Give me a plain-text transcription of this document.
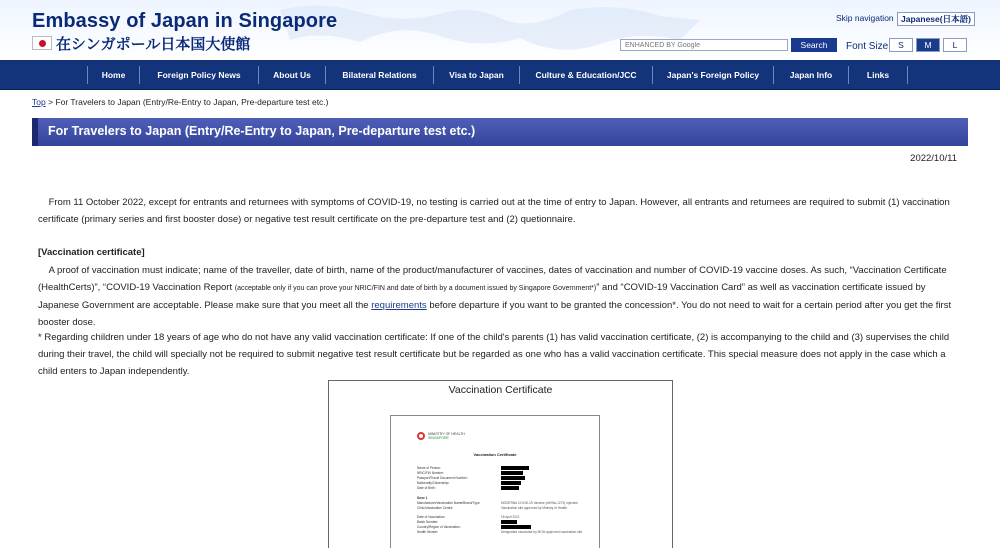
Embassy of Japan in Singapore
在シンガポール日本国大使館
Skip navigation Japanese(日本語)
ENHANCED BY Google
Search	Font Size	S	M	L
Home	Foreign Policy News	About Us	Bilateral Relations	Visa to Japan	Culture & Education/JCC	Japan's Foreign Policy	Japan Info	Links
Top > For Travelers to Japan (Entry/Re-Entry to Japan, Pre-departure test etc.)
For Travelers to Japan (Entry/Re-Entry to Japan, Pre-departure test etc.)
2022/10/11

From 11 October 2022, except for entrants and returnees with symptoms of COVID-19, no testing is carried out at the time of entry to Japan. However, all entrants and returnees are required to submit (1) vaccination certificate (primary series and first booster dose) or negative test result certificate on the pre-departure test and (2) quetionnaire.

[Vaccination certificate]

A proof of vaccination must indicate; name of the traveller, date of birth, name of the product/manufacturer of vaccines, dates of vaccination and number of COVID-19 vaccine doses. As such, “Vaccination Certificate (HealthCerts)”, “COVID-19 Vaccination Report (acceptable only if you can prove your NRIC/FIN and date of birth by a document issued by Singapore Government*)” and “COVID-19 Vaccination Card” as well as vaccination certificate issued by Japanese Government are acceptable. Please make sure that you meet all the requirements before departure if you want to be granted the concession*. You do not need to wait for a certain period after you get the first booster dose.

* Regarding children under 18 years of age who do not have any valid vaccination certificate: If one of the child's parents (1) has valid vaccination certificate, (2) is accompanying to the child and (3) supervises the child during their travel, the child will specially not be required to submit negative test result certificate but be regarded as one who has a valid vaccination certificate. This special measure does not apply in the case which a child enters to Japan independently.

Vaccination Certificate
MINISTRY OF HEALTH
SINGAPORE
Vaccination Certificate
Name of Person:
NRIC/FIN Number:
Passport/Travel Document Number:
Nationality/Citizenship:
Date of Birth:
Dose 1
Manufacturer/Vaccination Name/Brand/Type:	MODERNA COVID-19 Vaccine (mRNA-1273) Injection
Clinic/Vaccination Centre:	Vaccination site approved by Ministry of Health
Date of Vaccination:	18 April 2021
Batch Number:
Country/Region of Vaccination:
Health Worker:	Designated vaccinator by MOH-approved vaccination site
